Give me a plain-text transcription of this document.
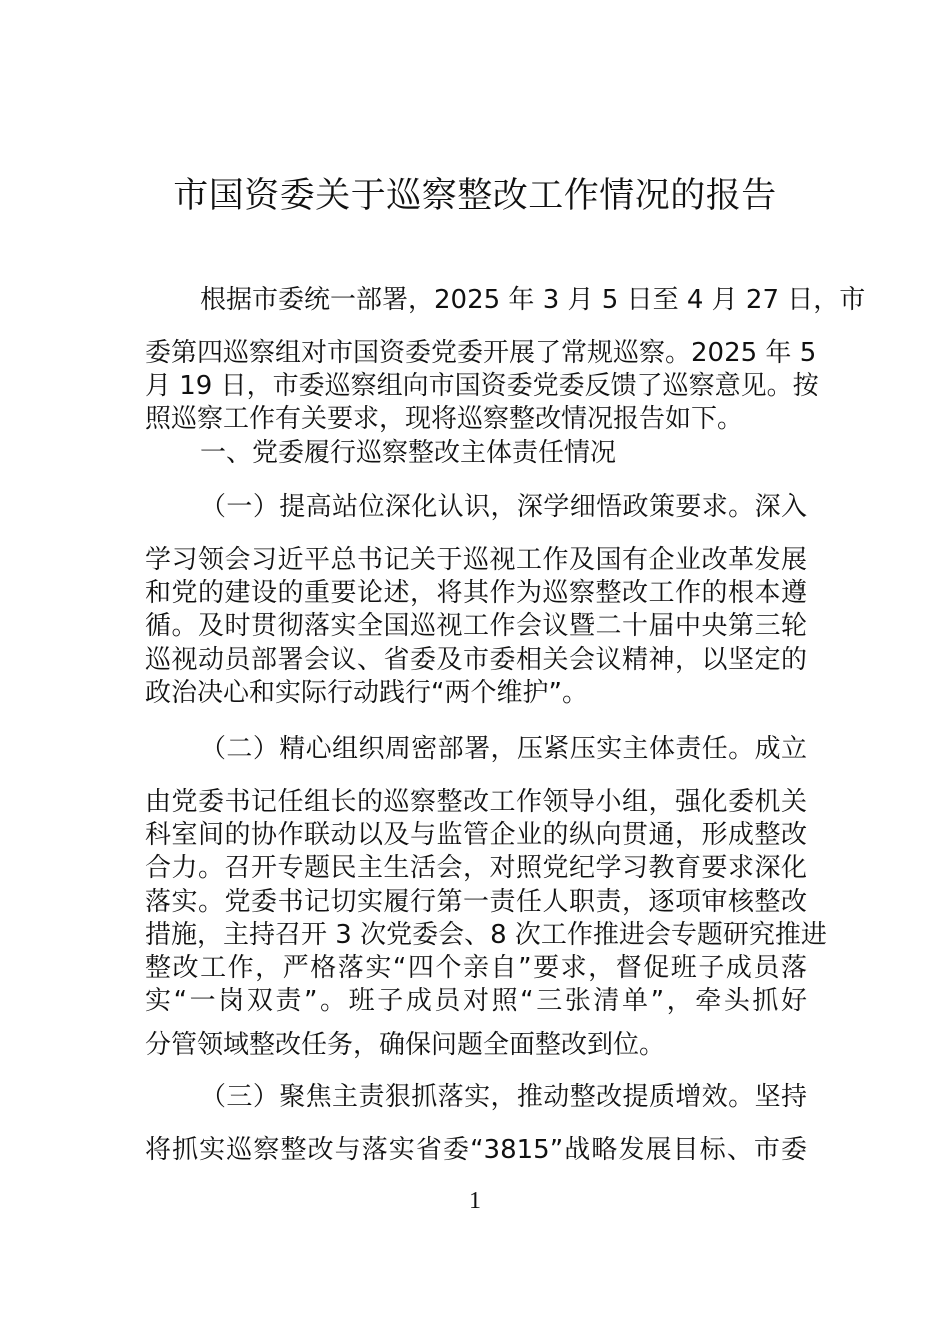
市国资委关于巡察整改工作情况的报告
根据市委统一部署，2025 年 3 月 5 日至 4 月 27 日，市
委第四巡察组对市国资委党委开展了常规巡察。2025 年 5
月 19 日，市委巡察组向市国资委党委反馈了巡察意见。按
照巡察工作有关要求，现将巡察整改情况报告如下。
一、党委履行巡察整改主体责任情况
（一）提高站位深化认识，深学细悟政策要求。深入
学习领会习近平总书记关于巡视工作及国有企业改革发展
和党的建设的重要论述，将其作为巡察整改工作的根本遵
循。及时贯彻落实全国巡视工作会议暨二十届中央第三轮
巡视动员部署会议、省委及市委相关会议精神，以坚定的
政治决心和实际行动践行“两个维护”。
（二）精心组织周密部署，压紧压实主体责任。成立
由党委书记任组长的巡察整改工作领导小组，强化委机关
科室间的协作联动以及与监管企业的纵向贯通，形成整改
合力。召开专题民主生活会，对照党纪学习教育要求深化
落实。党委书记切实履行第一责任人职责，逐项审核整改
措施，主持召开 3 次党委会、8 次工作推进会专题研究推进
整改工作，严格落实“四个亲自”要求，督促班子成员落
实“一岗双责”。班子成员对照“三张清单”，牵头抓好
分管领域整改任务，确保问题全面整改到位。
（三）聚焦主责狠抓落实，推动整改提质增效。坚持
将抓实巡察整改与落实省委“3815”战略发展目标、市委
1
